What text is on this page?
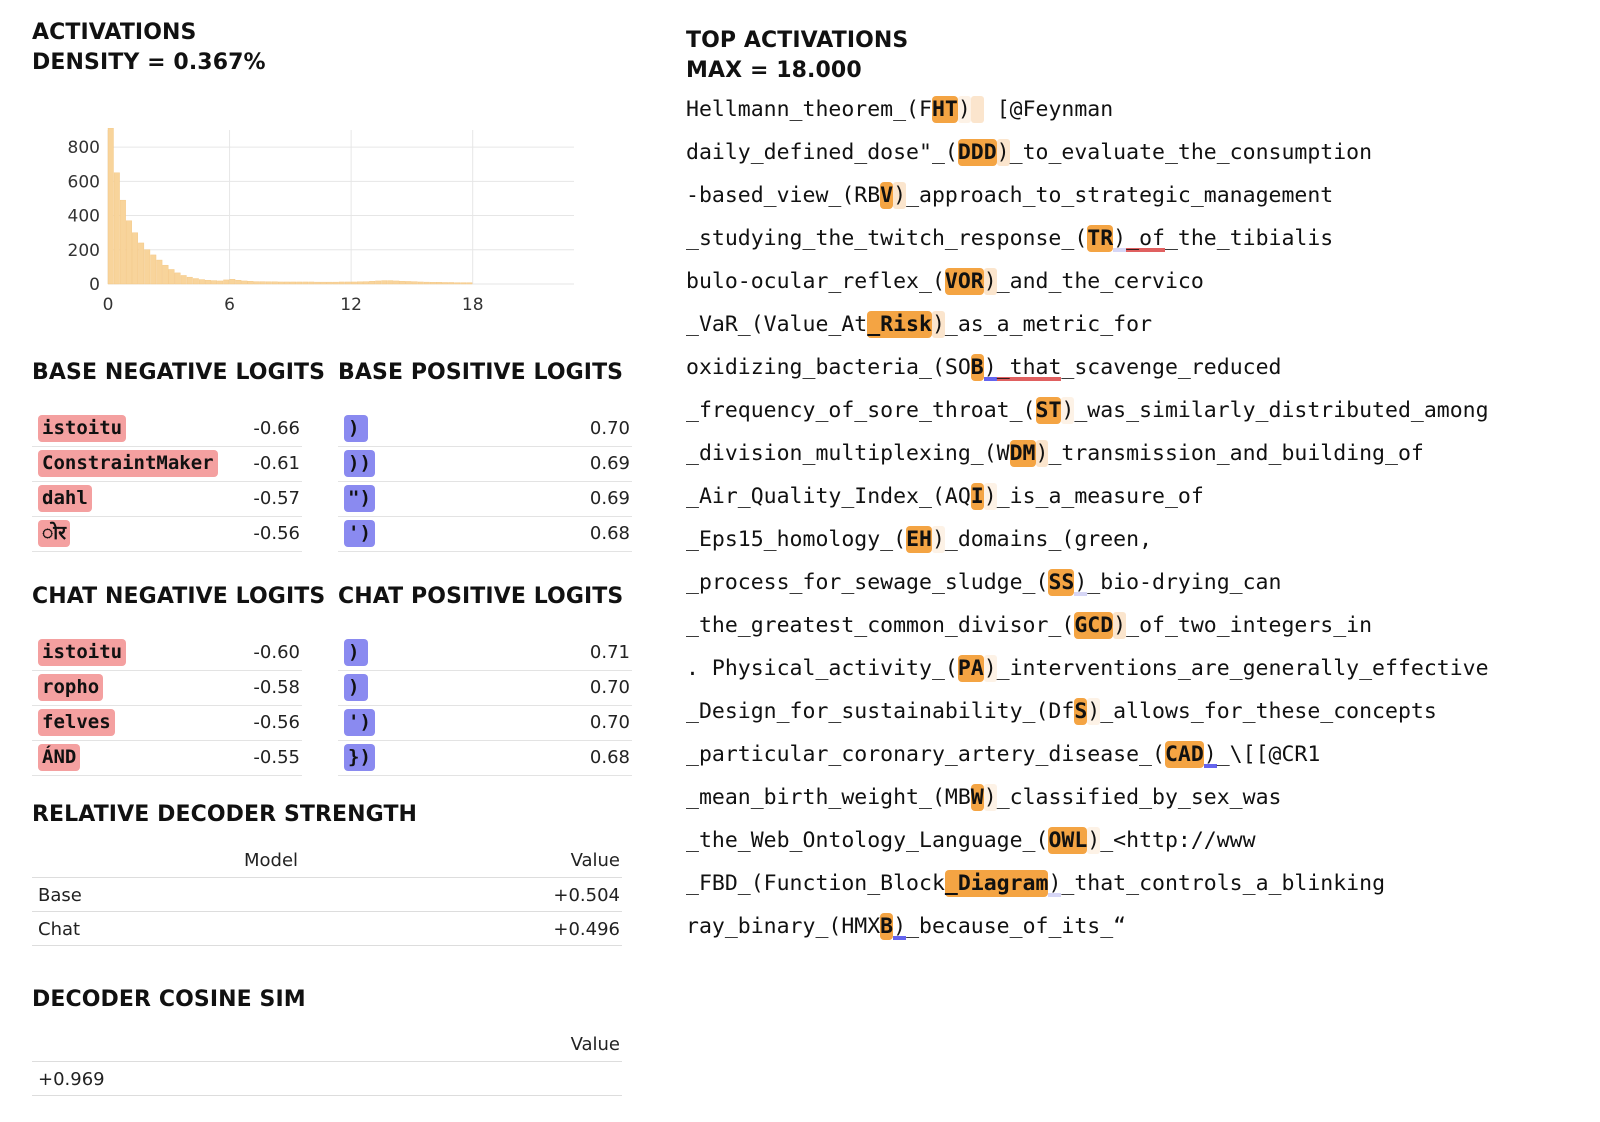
ACTIVATIONS
DENSITY = 0.367%
0	6	12	18
0
200
400
600
800
BASE NEGATIVE LOGITS BASE POSITIVE LOGITS
istoitu	-0.66
ConstraintMaker -0.61
dahl	-0.57
ोर	-0.56
)	0.70
))	0.69
")	0.69
')	0.68
CHAT NEGATIVE LOGITS CHAT POSITIVE LOGITS
istoitu	-0.60
ropho	-0.58
felves	-0.56
ÁND	-0.55
)	0.71
)	0.70
')	0.70
})	0.68
RELATIVE DECODER STRENGTH
Model	Value
Base	+0.504
Chat	+0.496
DECODER COSINE SIM
Value
+0.969
TOP ACTIVATIONS
MAX = 18.000
Hellmann_theorem_(FHT)  [@Feynman
daily_defined_dose"_(DDD)_to_evaluate_the_consumption
-based_view_(RBV)_approach_to_strategic_management
_studying_the_twitch_response_(TR)_of_the_tibialis
bulo-ocular_reflex_(VOR)_and_the_cervico
_VaR_(Value_At_Risk)_as_a_metric_for
oxidizing_bacteria_(SOB)_that_scavenge_reduced
_frequency_of_sore_throat_(ST)_was_similarly_distributed_among
_division_multiplexing_(WDM)_transmission_and_building_of
_Air_Quality_Index_(AQI)_is_a_measure_of
_Eps15_homology_(EH)_domains_(green,
_process_for_sewage_sludge_(SS)_bio-drying_can
_the_greatest_common_divisor_(GCD)_of_two_integers_in
. Physical_activity_(PA)_interventions_are_generally_effective
_Design_for_sustainability_(DfS)_allows_for_these_concepts
_particular_coronary_artery_disease_(CAD)_\[[@CR1
_mean_birth_weight_(MBW)_classified_by_sex_was
_the_Web_Ontology_Language_(OWL)_<http://www
_FBD_(Function_Block_Diagram)_that_controls_a_blinking
ray_binary_(HMXB)_because_of_its_“
